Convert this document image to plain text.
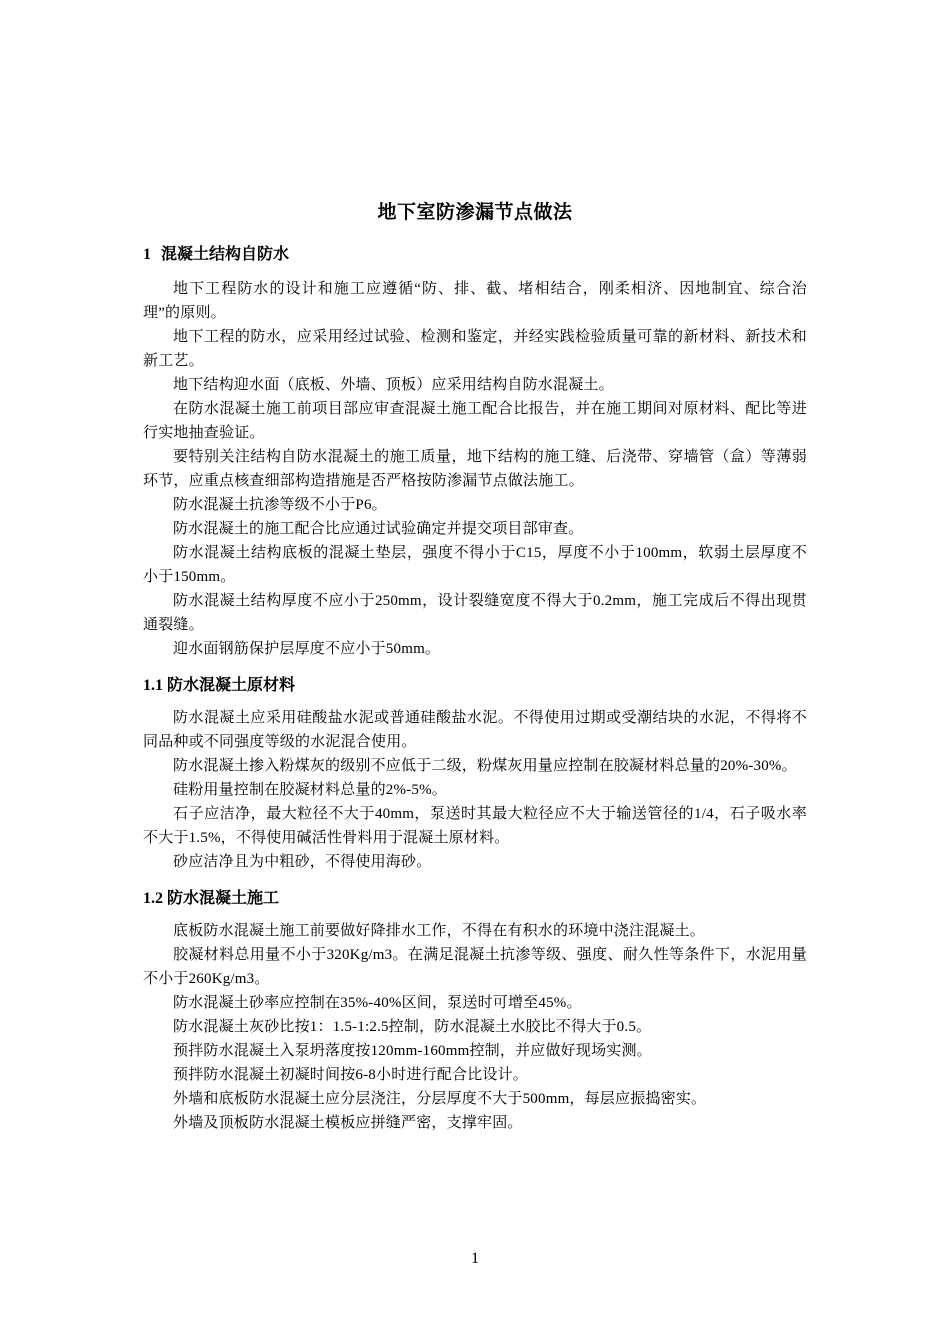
地下室防渗漏节点做法
1 混凝土结构自防水

地下工程防水的设计和施工应遵循“防、排、截、堵相结合，刚柔相济、因地制宜、综合治理”的原则。

地下工程的防水，应采用经过试验、检测和鉴定，并经实践检验质量可靠的新材料、新技术和新工艺。

地下结构迎水面（底板、外墙、顶板）应采用结构自防水混凝土。

在防水混凝土施工前项目部应审查混凝土施工配合比报告，并在施工期间对原材料、配比等进行实地抽查验证。

要特别关注结构自防水混凝土的施工质量，地下结构的施工缝、后浇带、穿墙管（盒）等薄弱环节，应重点核查细部构造措施是否严格按防渗漏节点做法施工。

防水混凝土抗渗等级不小于P6。

防水混凝土的施工配合比应通过试验确定并提交项目部审查。

防水混凝土结构底板的混凝土垫层，强度不得小于C15，厚度不小于100mm，软弱土层厚度不小于150mm。

防水混凝土结构厚度不应小于250mm，设计裂缝宽度不得大于0.2mm，施工完成后不得出现贯通裂缝。

迎水面钢筋保护层厚度不应小于50mm。

1.1 防水混凝土原材料

防水混凝土应采用硅酸盐水泥或普通硅酸盐水泥。不得使用过期或受潮结块的水泥，不得将不同品种或不同强度等级的水泥混合使用。

防水混凝土掺入粉煤灰的级别不应低于二级，粉煤灰用量应控制在胶凝材料总量的20%-30%。

硅粉用量控制在胶凝材料总量的2%-5%。

石子应洁净，最大粒径不大于40mm，泵送时其最大粒径应不大于输送管径的1/4，石子吸水率不大于1.5%，不得使用碱活性骨料用于混凝土原材料。

砂应洁净且为中粗砂，不得使用海砂。

1.2 防水混凝土施工

底板防水混凝土施工前要做好降排水工作，不得在有积水的环境中浇注混凝土。

胶凝材料总用量不小于320Kg/m3。在满足混凝土抗渗等级、强度、耐久性等条件下，水泥用量不小于260Kg/m3。

防水混凝土砂率应控制在35%-40%区间，泵送时可增至45%。

防水混凝土灰砂比按1：1.5-1:2.5控制，防水混凝土水胶比不得大于0.5。

预拌防水混凝土入泵坍落度按120mm-160mm控制，并应做好现场实测。

预拌防水混凝土初凝时间按6-8小时进行配合比设计。

外墙和底板防水混凝土应分层浇注，分层厚度不大于500mm，每层应振捣密实。

外墙及顶板防水混凝土模板应拼缝严密，支撑牢固。

1
